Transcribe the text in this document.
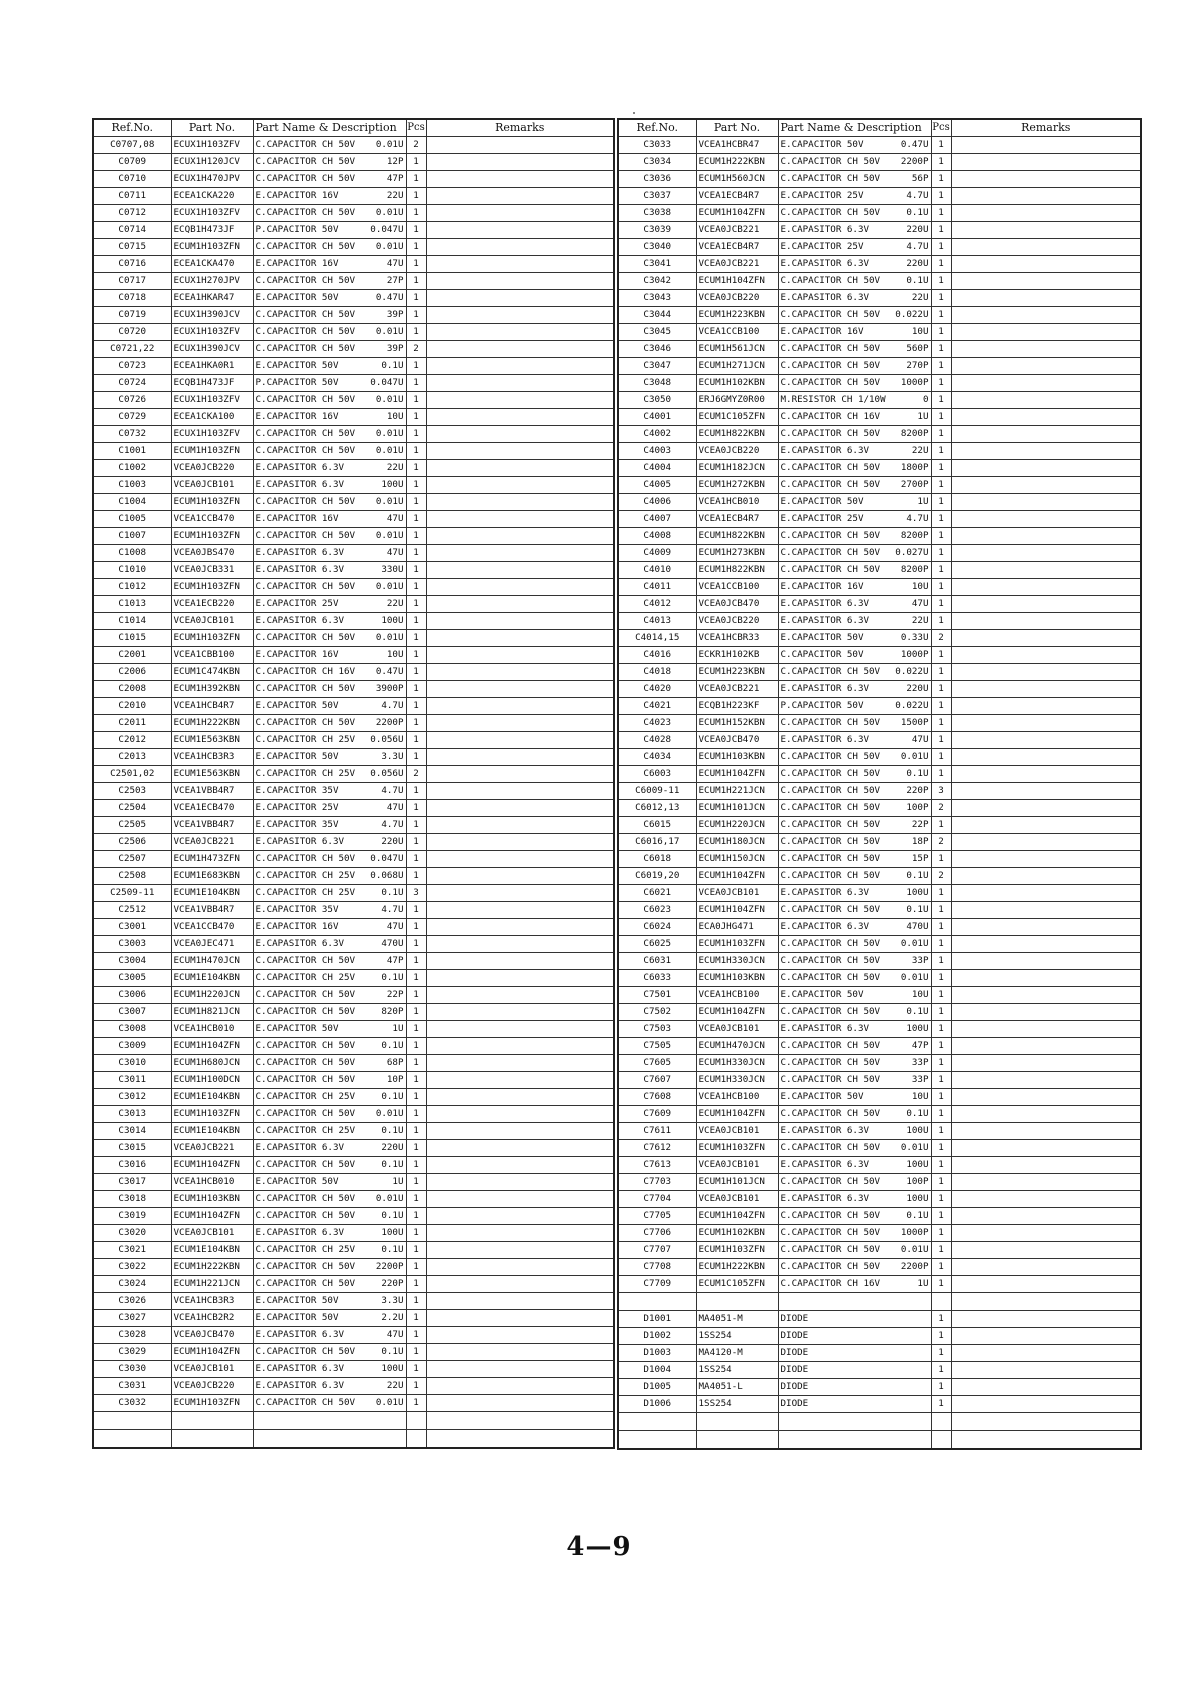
Ref.No.	Part No.	Part Name & Description	Pcs	Remarks
C0707,08	ECUX1H103ZFV	C.CAPACITOR CH 50V 0.01U	2	
C0709	ECUX1H120JCV	C.CAPACITOR CH 50V 12P	1	
C0710	ECUX1H470JPV	C.CAPACITOR CH 50V 47P	1	
C0711	ECEA1CKA220	E.CAPACITOR 16V 22U	1	
C0712	ECUX1H103ZFV	C.CAPACITOR CH 50V 0.01U	1	
C0714	ECQB1H473JF	P.CAPACITOR 50V 0.047U	1	
C0715	ECUM1H103ZFN	C.CAPACITOR CH 50V 0.01U	1	
C0716	ECEA1CKA470	E.CAPACITOR 16V 47U	1	
C0717	ECUX1H270JPV	C.CAPACITOR CH 50V 27P	1	
C0718	ECEA1HKAR47	E.CAPACITOR 50V 0.47U	1	
C0719	ECUX1H390JCV	C.CAPACITOR CH 50V 39P	1	
C0720	ECUX1H103ZFV	C.CAPACITOR CH 50V 0.01U	1	
C0721,22	ECUX1H390JCV	C.CAPACITOR CH 50V 39P	2	
C0723	ECEA1HKA0R1	E.CAPACITOR 50V 0.1U	1	
C0724	ECQB1H473JF	P.CAPACITOR 50V 0.047U	1	
C0726	ECUX1H103ZFV	C.CAPACITOR CH 50V 0.01U	1	
C0729	ECEA1CKA100	E.CAPACITOR 16V 10U	1	
C0732	ECUX1H103ZFV	C.CAPACITOR CH 50V 0.01U	1	
C1001	ECUM1H103ZFN	C.CAPACITOR CH 50V 0.01U	1	
C1002	VCEA0JCB220	E.CAPASITOR 6.3V 22U	1	
C1003	VCEA0JCB101	E.CAPASITOR 6.3V 100U	1	
C1004	ECUM1H103ZFN	C.CAPACITOR CH 50V 0.01U	1	
C1005	VCEA1CCB470	E.CAPACITOR 16V 47U	1	
C1007	ECUM1H103ZFN	C.CAPACITOR CH 50V 0.01U	1	
C1008	VCEA0JBS470	E.CAPASITOR 6.3V 47U	1	
C1010	VCEA0JCB331	E.CAPASITOR 6.3V 330U	1	
C1012	ECUM1H103ZFN	C.CAPACITOR CH 50V 0.01U	1	
C1013	VCEA1ECB220	E.CAPACITOR 25V 22U	1	
C1014	VCEA0JCB101	E.CAPASITOR 6.3V 100U	1	
C1015	ECUM1H103ZFN	C.CAPACITOR CH 50V 0.01U	1	
C2001	VCEA1CBB100	E.CAPACITOR 16V 10U	1	
C2006	ECUM1C474KBN	C.CAPACITOR CH 16V 0.47U	1	
C2008	ECUM1H392KBN	C.CAPACITOR CH 50V 3900P	1	
C2010	VCEA1HCB4R7	E.CAPACITOR 50V 4.7U	1	
C2011	ECUM1H222KBN	C.CAPACITOR CH 50V 2200P	1	
C2012	ECUM1E563KBN	C.CAPACITOR CH 25V 0.056U	1	
C2013	VCEA1HCB3R3	E.CAPACITOR 50V 3.3U	1	
C2501,02	ECUM1E563KBN	C.CAPACITOR CH 25V 0.056U	2	
C2503	VCEA1VBB4R7	E.CAPACITOR 35V 4.7U	1	
C2504	VCEA1ECB470	E.CAPACITOR 25V 47U	1	
C2505	VCEA1VBB4R7	E.CAPACITOR 35V 4.7U	1	
C2506	VCEA0JCB221	E.CAPASITOR 6.3V 220U	1	
C2507	ECUM1H473ZFN	C.CAPACITOR CH 50V 0.047U	1	
C2508	ECUM1E683KBN	C.CAPACITOR CH 25V 0.068U	1	
C2509-11	ECUM1E104KBN	C.CAPACITOR CH 25V 0.1U	3	
C2512	VCEA1VBB4R7	E.CAPACITOR 35V 4.7U	1	
C3001	VCEA1CCB470	E.CAPACITOR 16V 47U	1	
C3003	VCEA0JEC471	E.CAPASITOR 6.3V 470U	1	
C3004	ECUM1H470JCN	C.CAPACITOR CH 50V 47P	1	
C3005	ECUM1E104KBN	C.CAPACITOR CH 25V 0.1U	1	
C3006	ECUM1H220JCN	C.CAPACITOR CH 50V 22P	1	
C3007	ECUM1H821JCN	C.CAPACITOR CH 50V 820P	1	
C3008	VCEA1HCB010	E.CAPACITOR 50V 1U	1	
C3009	ECUM1H104ZFN	C.CAPACITOR CH 50V 0.1U	1	
C3010	ECUM1H680JCN	C.CAPACITOR CH 50V 68P	1	
C3011	ECUM1H100DCN	C.CAPACITOR CH 50V 10P	1	
C3012	ECUM1E104KBN	C.CAPACITOR CH 25V 0.1U	1	
C3013	ECUM1H103ZFN	C.CAPACITOR CH 50V 0.01U	1	
C3014	ECUM1E104KBN	C.CAPACITOR CH 25V 0.1U	1	
C3015	VCEA0JCB221	E.CAPASITOR 6.3V 220U	1	
C3016	ECUM1H104ZFN	C.CAPACITOR CH 50V 0.1U	1	
C3017	VCEA1HCB010	E.CAPACITOR 50V 1U	1	
C3018	ECUM1H103KBN	C.CAPACITOR CH 50V 0.01U	1	
C3019	ECUM1H104ZFN	C.CAPACITOR CH 50V 0.1U	1	
C3020	VCEA0JCB101	E.CAPASITOR 6.3V 100U	1	
C3021	ECUM1E104KBN	C.CAPACITOR CH 25V 0.1U	1	
C3022	ECUM1H222KBN	C.CAPACITOR CH 50V 2200P	1	
C3024	ECUM1H221JCN	C.CAPACITOR CH 50V 220P	1	
C3026	VCEA1HCB3R3	E.CAPACITOR 50V 3.3U	1	
C3027	VCEA1HCB2R2	E.CAPACITOR 50V 2.2U	1	
C3028	VCEA0JCB470	E.CAPASITOR 6.3V 47U	1	
C3029	ECUM1H104ZFN	C.CAPACITOR CH 50V 0.1U	1	
C3030	VCEA0JCB101	E.CAPASITOR 6.3V 100U	1	
C3031	VCEA0JCB220	E.CAPASITOR 6.3V 22U	1	
C3032	ECUM1H103ZFN	C.CAPACITOR CH 50V 0.01U	1	

Ref.No.	Part No.	Part Name & Description	Pcs	Remarks
C3033	VCEA1HCBR47	E.CAPACITOR 50V 0.47U	1	
C3034	ECUM1H222KBN	C.CAPACITOR CH 50V 2200P	1	
C3036	ECUM1H560JCN	C.CAPACITOR CH 50V 56P	1	
C3037	VCEA1ECB4R7	E.CAPACITOR 25V 4.7U	1	
C3038	ECUM1H104ZFN	C.CAPACITOR CH 50V 0.1U	1	
C3039	VCEA0JCB221	E.CAPASITOR 6.3V 220U	1	
C3040	VCEA1ECB4R7	E.CAPACITOR 25V 4.7U	1	
C3041	VCEA0JCB221	E.CAPASITOR 6.3V 220U	1	
C3042	ECUM1H104ZFN	C.CAPACITOR CH 50V 0.1U	1	
C3043	VCEA0JCB220	E.CAPASITOR 6.3V 22U	1	
C3044	ECUM1H223KBN	C.CAPACITOR CH 50V 0.022U	1	
C3045	VCEA1CCB100	E.CAPACITOR 16V 10U	1	
C3046	ECUM1H561JCN	C.CAPACITOR CH 50V 560P	1	
C3047	ECUM1H271JCN	C.CAPACITOR CH 50V 270P	1	
C3048	ECUM1H102KBN	C.CAPACITOR CH 50V 1000P	1	
C3050	ERJ6GMYZ0R00	M.RESISTOR CH 1/10W 0	1	
C4001	ECUM1C105ZFN	C.CAPACITOR CH 16V 1U	1	
C4002	ECUM1H822KBN	C.CAPACITOR CH 50V 8200P	1	
C4003	VCEA0JCB220	E.CAPASITOR 6.3V 22U	1	
C4004	ECUM1H182JCN	C.CAPACITOR CH 50V 1800P	1	
C4005	ECUM1H272KBN	C.CAPACITOR CH 50V 2700P	1	
C4006	VCEA1HCB010	E.CAPACITOR 50V 1U	1	
C4007	VCEA1ECB4R7	E.CAPACITOR 25V 4.7U	1	
C4008	ECUM1H822KBN	C.CAPACITOR CH 50V 8200P	1	
C4009	ECUM1H273KBN	C.CAPACITOR CH 50V 0.027U	1	
C4010	ECUM1H822KBN	C.CAPACITOR CH 50V 8200P	1	
C4011	VCEA1CCB100	E.CAPACITOR 16V 10U	1	
C4012	VCEA0JCB470	E.CAPASITOR 6.3V 47U	1	
C4013	VCEA0JCB220	E.CAPASITOR 6.3V 22U	1	
C4014,15	VCEA1HCBR33	E.CAPACITOR 50V 0.33U	2	
C4016	ECKR1H102KB	C.CAPACITOR 50V 1000P	1	
C4018	ECUM1H223KBN	C.CAPACITOR CH 50V 0.022U	1	
C4020	VCEA0JCB221	E.CAPASITOR 6.3V 220U	1	
C4021	ECQB1H223KF	P.CAPACITOR 50V 0.022U	1	
C4023	ECUM1H152KBN	C.CAPACITOR CH 50V 1500P	1	
C4028	VCEA0JCB470	E.CAPASITOR 6.3V 47U	1	
C4034	ECUM1H103KBN	C.CAPACITOR CH 50V 0.01U	1	
C6003	ECUM1H104ZFN	C.CAPACITOR CH 50V 0.1U	1	
C6009-11	ECUM1H221JCN	C.CAPACITOR CH 50V 220P	3	
C6012,13	ECUM1H101JCN	C.CAPACITOR CH 50V 100P	2	
C6015	ECUM1H220JCN	C.CAPACITOR CH 50V 22P	1	
C6016,17	ECUM1H180JCN	C.CAPACITOR CH 50V 18P	2	
C6018	ECUM1H150JCN	C.CAPACITOR CH 50V 15P	1	
C6019,20	ECUM1H104ZFN	C.CAPACITOR CH 50V 0.1U	2	
C6021	VCEA0JCB101	E.CAPASITOR 6.3V 100U	1	
C6023	ECUM1H104ZFN	C.CAPACITOR CH 50V 0.1U	1	
C6024	ECA0JHG471	E.CAPACITOR 6.3V 470U	1	
C6025	ECUM1H103ZFN	C.CAPACITOR CH 50V 0.01U	1	
C6031	ECUM1H330JCN	C.CAPACITOR CH 50V 33P	1	
C6033	ECUM1H103KBN	C.CAPACITOR CH 50V 0.01U	1	
C7501	VCEA1HCB100	E.CAPACITOR 50V 10U	1	
C7502	ECUM1H104ZFN	C.CAPACITOR CH 50V 0.1U	1	
C7503	VCEA0JCB101	E.CAPASITOR 6.3V 100U	1	
C7505	ECUM1H470JCN	C.CAPACITOR CH 50V 47P	1	
C7605	ECUM1H330JCN	C.CAPACITOR CH 50V 33P	1	
C7607	ECUM1H330JCN	C.CAPACITOR CH 50V 33P	1	
C7608	VCEA1HCB100	E.CAPACITOR 50V 10U	1	
C7609	ECUM1H104ZFN	C.CAPACITOR CH 50V 0.1U	1	
C7611	VCEA0JCB101	E.CAPASITOR 6.3V 100U	1	
C7612	ECUM1H103ZFN	C.CAPACITOR CH 50V 0.01U	1	
C7613	VCEA0JCB101	E.CAPASITOR 6.3V 100U	1	
C7703	ECUM1H101JCN	C.CAPACITOR CH 50V 100P	1	
C7704	VCEA0JCB101	E.CAPASITOR 6.3V 100U	1	
C7705	ECUM1H104ZFN	C.CAPACITOR CH 50V 0.1U	1	
C7706	ECUM1H102KBN	C.CAPACITOR CH 50V 1000P	1	
C7707	ECUM1H103ZFN	C.CAPACITOR CH 50V 0.01U	1	
C7708	ECUM1H222KBN	C.CAPACITOR CH 50V 2200P	1	
C7709	ECUM1C105ZFN	C.CAPACITOR CH 16V 1U	1	

D1001	MA4051-M	DIODE	1	
D1002	1SS254	DIODE	1	
D1003	MA4120-M	DIODE	1	
D1004	1SS254	DIODE	1	
D1005	MA4051-L	DIODE	1	
D1006	1SS254	DIODE	1	

4—9
